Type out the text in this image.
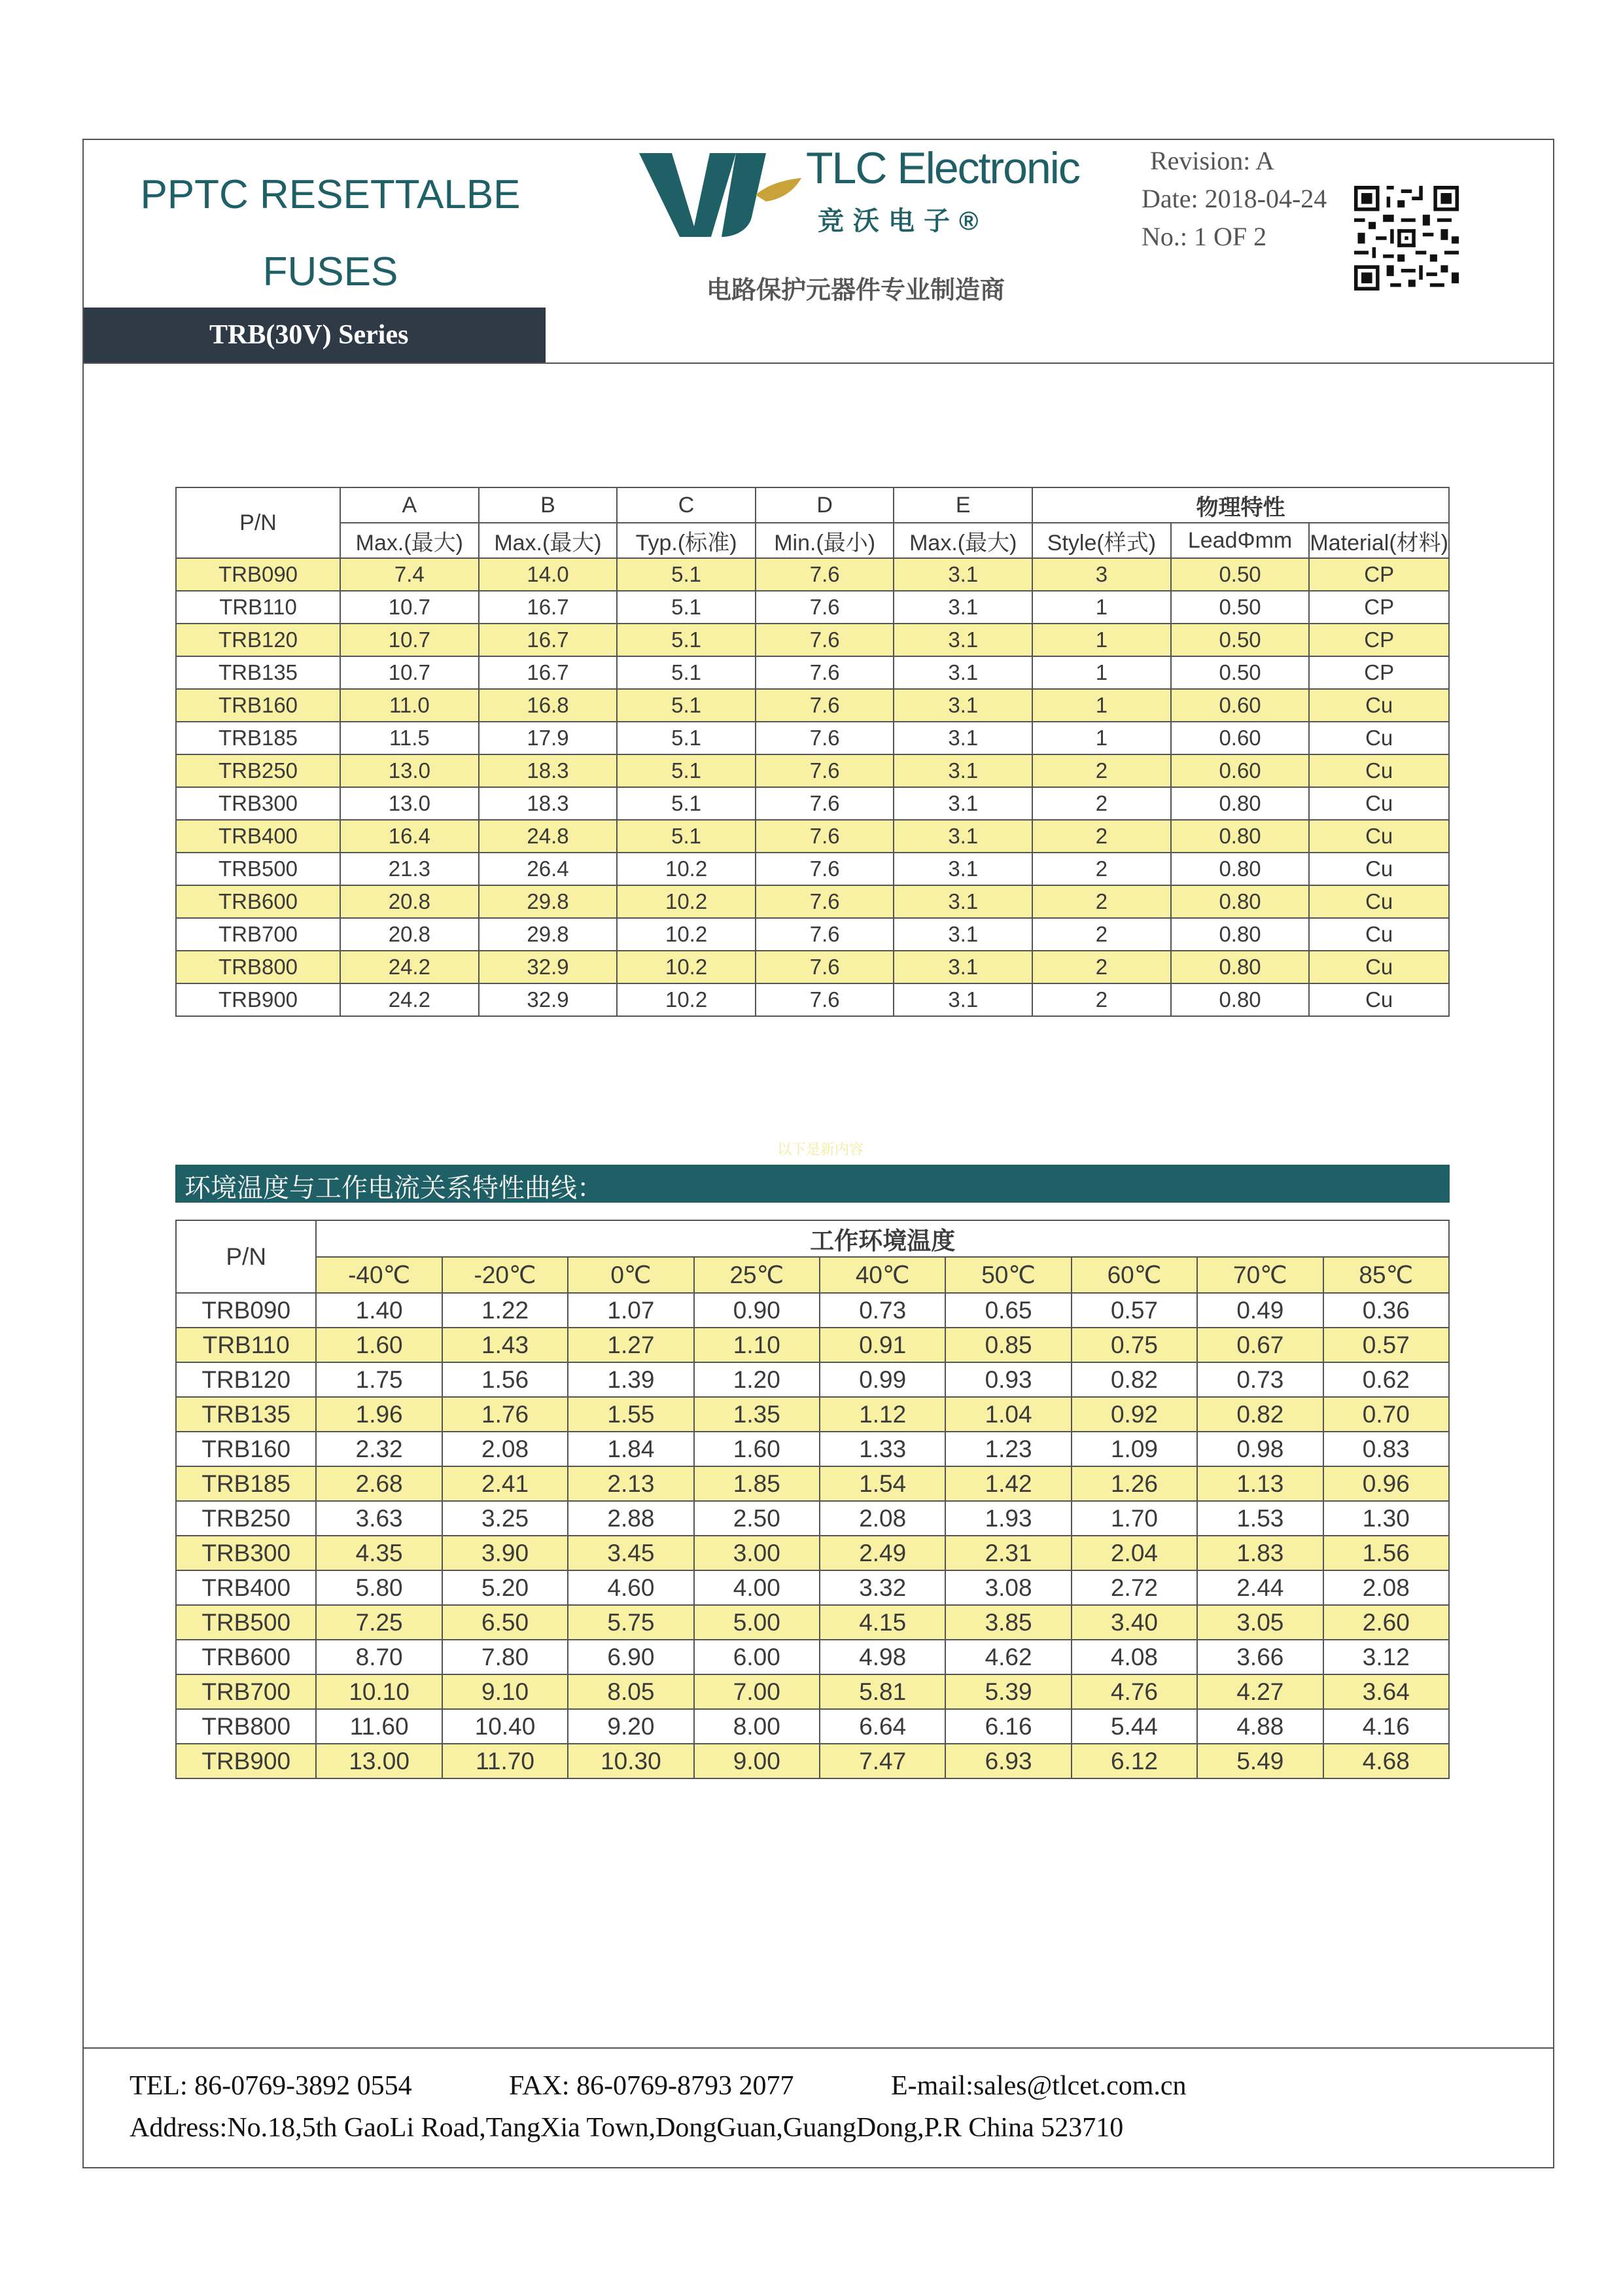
PPTC RESETTALBE
FUSES
TRB(30V) Series
TLC Electronic
竞沃电子®
电路保护元器件专业制造商
Revision: A
Date: 2018-04-24
No.: 1 OF 2
P/N	A	B	C	D	E	物理特性		
	Max.(最大)	Max.(最大)	Typ.(标准)	Min.(最小)	Max.(最大)	Style(样式)	LeadΦmm	Material(材料)
TRB090	7.4	14.0	5.1	7.6	3.1	3	0.50	CP
TRB110	10.7	16.7	5.1	7.6	3.1	1	0.50	CP
TRB120	10.7	16.7	5.1	7.6	3.1	1	0.50	CP
TRB135	10.7	16.7	5.1	7.6	3.1	1	0.50	CP
TRB160	11.0	16.8	5.1	7.6	3.1	1	0.60	Cu
TRB185	11.5	17.9	5.1	7.6	3.1	1	0.60	Cu
TRB250	13.0	18.3	5.1	7.6	3.1	2	0.60	Cu
TRB300	13.0	18.3	5.1	7.6	3.1	2	0.80	Cu
TRB400	16.4	24.8	5.1	7.6	3.1	2	0.80	Cu
TRB500	21.3	26.4	10.2	7.6	3.1	2	0.80	Cu
TRB600	20.8	29.8	10.2	7.6	3.1	2	0.80	Cu
TRB700	20.8	29.8	10.2	7.6	3.1	2	0.80	Cu
TRB800	24.2	32.9	10.2	7.6	3.1	2	0.80	Cu
TRB900	24.2	32.9	10.2	7.6	3.1	2	0.80	Cu
以下是新内容
环境温度与工作电流关系特性曲线：
P/N	工作环境温度								
	-40℃	-20℃	0℃	25℃	40℃	50℃	60℃	70℃	85℃
TRB090	1.40	1.22	1.07	0.90	0.73	0.65	0.57	0.49	0.36
TRB110	1.60	1.43	1.27	1.10	0.91	0.85	0.75	0.67	0.57
TRB120	1.75	1.56	1.39	1.20	0.99	0.93	0.82	0.73	0.62
TRB135	1.96	1.76	1.55	1.35	1.12	1.04	0.92	0.82	0.70
TRB160	2.32	2.08	1.84	1.60	1.33	1.23	1.09	0.98	0.83
TRB185	2.68	2.41	2.13	1.85	1.54	1.42	1.26	1.13	0.96
TRB250	3.63	3.25	2.88	2.50	2.08	1.93	1.70	1.53	1.30
TRB300	4.35	3.90	3.45	3.00	2.49	2.31	2.04	1.83	1.56
TRB400	5.80	5.20	4.60	4.00	3.32	3.08	2.72	2.44	2.08
TRB500	7.25	6.50	5.75	5.00	4.15	3.85	3.40	3.05	2.60
TRB600	8.70	7.80	6.90	6.00	4.98	4.62	4.08	3.66	3.12
TRB700	10.10	9.10	8.05	7.00	5.81	5.39	4.76	4.27	3.64
TRB800	11.60	10.40	9.20	8.00	6.64	6.16	5.44	4.88	4.16
TRB900	13.00	11.70	10.30	9.00	7.47	6.93	6.12	5.49	4.68
TEL: 86-0769-3892 0554	FAX: 86-0769-8793 2077	E-mail:sales@tlcet.com.cn
Address:No.18,5th GaoLi Road,TangXia Town,DongGuan,GuangDong,P.R China 523710
